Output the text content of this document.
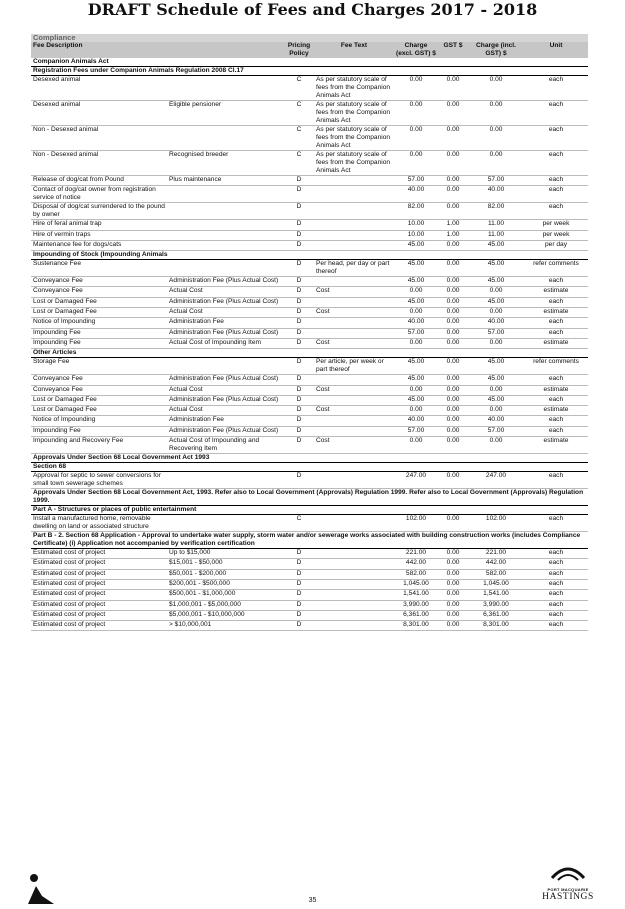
DRAFT Schedule of Fees and Charges 2017 - 2018
Compliance							
Fee Description		Pricing Policy	Fee Text	Charge (excl. GST) $	GST $	Charge (incl. GST) $	Unit
Companion Animals Act							
Registration Fees under Companion Animals Regulation 2008 Cl.17							
Desexed animal		C	As per statutory scale of fees from the Companion Animals Act	0.00	0.00	0.00	each
Desexed animal	Eligible pensioner	C	As per statutory scale of fees from the Companion Animals Act	0.00	0.00	0.00	each
Non - Desexed animal		C	As per statutory scale of fees from the Companion Animals Act	0.00	0.00	0.00	each
Non - Desexed animal	Recognised breeder	C	As per statutory scale of fees from the Companion Animals Act	0.00	0.00	0.00	each
Release of dog/cat from Pound	Plus maintenance	D		57.00	0.00	57.00	each
Contact of dog/cat owner from registration service of notice		D		40.00	0.00	40.00	each
Disposal of dog/cat surrendered to the pound by owner		D		82.00	0.00	82.00	each
Hire of feral animal trap		D		10.00	1.00	11.00	per week
Hire of vermin traps		D		10.00	1.00	11.00	per week
Maintenance fee for dogs/cats		D		45.00	0.00	45.00	per day
Impounding of Stock (Impounding Animals							
Sustenance Fee		D	Per head, per day or part thereof	45.00	0.00	45.00	refer comments
Conveyance Fee	Administration Fee (Plus Actual Cost)	D		45.00	0.00	45.00	each
Conveyance Fee	Actual Cost	D	Cost	0.00	0.00	0.00	estimate
Lost or Damaged Fee	Administration Fee (Plus Actual Cost)	D		45.00	0.00	45.00	each
Lost or Damaged Fee	Actual Cost	D	Cost	0.00	0.00	0.00	estimate
Notice of Impounding	Administration Fee	D		40.00	0.00	40.00	each
Impounding Fee	Administration Fee (Plus Actual Cost)	D		57.00	0.00	57.00	each
Impounding Fee	Actual Cost of Impounding Item	D	Cost	0.00	0.00	0.00	estimate
Other Articles							
Storage Fee		D	Per article, per week or part thereof	45.00	0.00	45.00	refer comments
Conveyance Fee	Administration Fee (Plus Actual Cost)	D		45.00	0.00	45.00	each
Conveyance Fee	Actual Cost	D	Cost	0.00	0.00	0.00	estimate
Lost or Damaged Fee	Administration Fee (Plus Actual Cost)	D		45.00	0.00	45.00	each
Lost or Damaged Fee	Actual Cost	D	Cost	0.00	0.00	0.00	estimate
Notice of Impounding	Administration Fee	D		40.00	0.00	40.00	each
Impounding Fee	Administration Fee (Plus Actual Cost)	D		57.00	0.00	57.00	each
Impounding and Recovery Fee	Actual Cost of Impounding and Recovering Item	D	Cost	0.00	0.00	0.00	estimate
Approvals Under Section 68 Local Government Act 1993							
Section 68							
Approval for septic to sewer conversions for small town sewerage schemes		D		247.00	0.00	247.00	each
Approvals Under Section 68 Local Government Act, 1993. Refer also to Local Government (Approvals) Regulation 1999. Refer also to Local Government (Approvals) Regulation 1999.							
Part A - Structures or places of public entertainment							
Install a manufactured home, removable dwelling on land or associated structure		C		102.00	0.00	102.00	each
Part B - 2. Section 68 Application - Approval to undertake water supply, storm water and/or sewerage works associated with building construction works (includes Compliance Certificate) (i) Application not accompanied by verification certification							
Estimated cost of project	Up to $15,000	D		221.00	0.00	221.00	each
Estimated cost of project	$15,001 - $50,000	D		442.00	0.00	442.00	each
Estimated cost of project	$50,001 - $200,000	D		582.00	0.00	582.00	each
Estimated cost of project	$200,001 - $500,000	D		1,045.00	0.00	1,045.00	each
Estimated cost of project	$500,001 - $1,000,000	D		1,541.00	0.00	1,541.00	each
Estimated cost of project	$1,000,001 - $5,000,000	D		3,990.00	0.00	3,990.00	each
Estimated cost of project	$5,000,001 - $10,000,000	D		6,361.00	0.00	6,361.00	each
Estimated cost of project	> $10,000,001	D		8,301.00	0.00	8,301.00	each
35
PORT MACQUARIE
HASTINGS
